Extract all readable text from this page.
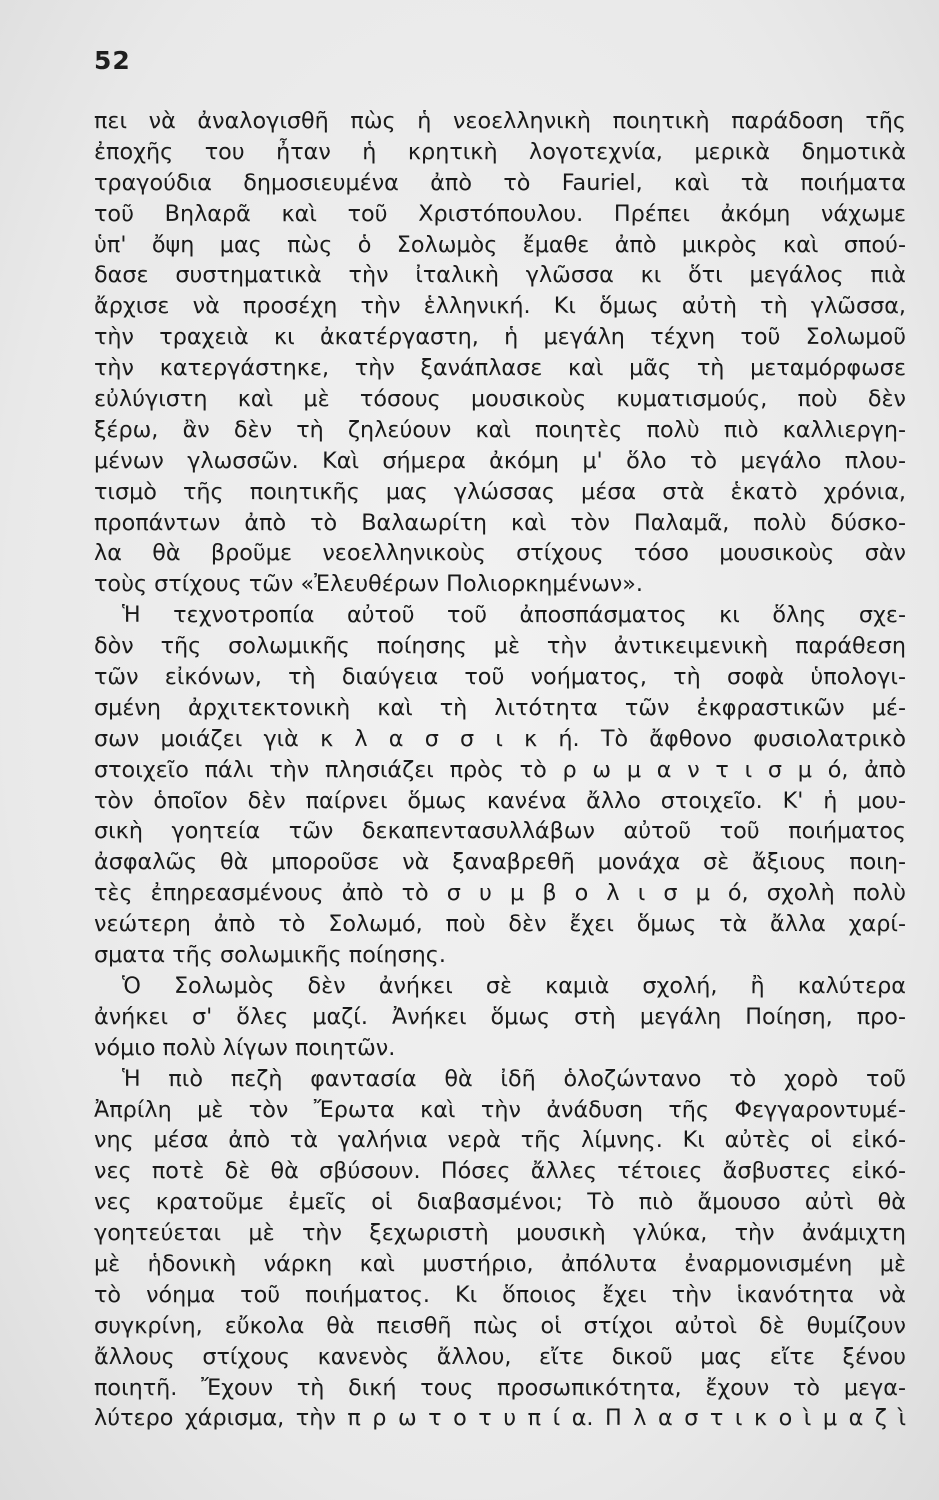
52
πει νὰ ἀναλογισθῆ πὼς ἡ νεοελληνικὴ ποιητικὴ παράδοση τῆς
ἐποχῆς του ἦταν ἡ κρητικὴ λογοτεχνία, μερικὰ δημοτικὰ
τραγούδια δημοσιευμένα ἀπὸ τὸ Fauriel, καὶ τὰ ποιήματα
τοῦ Βηλαρᾶ καὶ τοῦ Χριστόπουλου. Πρέπει ἀκόμη νάχωμε
ὑπ' ὄψη μας πὼς ὁ Σολωμὸς ἔμαθε ἀπὸ μικρὸς καὶ σπού-
δασε συστηματικὰ τὴν ἰταλικὴ γλῶσσα κι ὅτι μεγάλος πιὰ
ἄρχισε νὰ προσέχη τὴν ἑλληνική. Κι ὅμως αὐτὴ τὴ γλῶσσα,
τὴν τραχειὰ κι ἀκατέργαστη, ἡ μεγάλη τέχνη τοῦ Σολωμοῦ
τὴν κατεργάστηκε, τὴν ξανάπλασε καὶ μᾶς τὴ μεταμόρφωσε
εὐλύγιστη καὶ μὲ τόσους μουσικοὺς κυματισμούς, ποὺ δὲν
ξέρω, ἂν δὲν τὴ ζηλεύουν καὶ ποιητὲς πολὺ πιὸ καλλιεργη-
μένων γλωσσῶν. Καὶ σήμερα ἀκόμη μ' ὅλο τὸ μεγάλο πλου-
τισμὸ τῆς ποιητικῆς μας γλώσσας μέσα στὰ ἑκατὸ χρόνια,
προπάντων ἀπὸ τὸ Βαλαωρίτη καὶ τὸν Παλαμᾶ, πολὺ δύσκο-
λα θὰ βροῦμε νεοελληνικοὺς στίχους τόσο μουσικοὺς σὰν
τοὺς στίχους τῶν «Ἐλευθέρων Πολιορκημένων».
Ἡ τεχνοτροπία αὐτοῦ τοῦ ἀποσπάσματος κι ὅλης σχε-
δὸν τῆς σολωμικῆς ποίησης μὲ τὴν ἀντικειμενικὴ παράθεση
τῶν εἰκόνων, τὴ διαύγεια τοῦ νοήματος, τὴ σοφὰ ὑπολογι-
σμένη ἀρχιτεκτονικὴ καὶ τὴ λιτότητα τῶν ἐκφραστικῶν μέ-
σων μοιάζει γιὰ κ λ α σ σ ι κ ή. Τὸ ἄφθονο φυσιολατρικὸ
στοιχεῖο πάλι τὴν πλησιάζει πρὸς τὸ ρ ω μ α ν τ ι σ μ ό, ἀπὸ
τὸν ὁποῖον δὲν παίρνει ὅμως κανένα ἄλλο στοιχεῖο. Κ' ἡ μου-
σικὴ γοητεία τῶν δεκαπεντασυλλάβων αὐτοῦ τοῦ ποιήματος
ἀσφαλῶς θὰ μποροῦσε νὰ ξαναβρεθῆ μονάχα σὲ ἄξιους ποιη-
τὲς ἐπηρεασμένους ἀπὸ τὸ σ υ μ β ο λ ι σ μ ό, σχολὴ πολὺ
νεώτερη ἀπὸ τὸ Σολωμό, ποὺ δὲν ἔχει ὅμως τὰ ἄλλα χαρί-
σματα τῆς σολωμικῆς ποίησης.
Ὁ Σολωμὸς δὲν ἀνήκει σὲ καμιὰ σχολή, ἢ καλύτερα
ἀνήκει σ' ὅλες μαζί. Ἀνήκει ὅμως στὴ μεγάλη Ποίηση, προ-
νόμιο πολὺ λίγων ποιητῶν.
Ἡ πιὸ πεζὴ φαντασία θὰ ἰδῆ ὁλοζώντανο τὸ χορὸ τοῦ
Ἀπρίλη μὲ τὸν Ἔρωτα καὶ τὴν ἀνάδυση τῆς Φεγγαροντυμέ-
νης μέσα ἀπὸ τὰ γαλήνια νερὰ τῆς λίμνης. Κι αὐτὲς οἱ εἰκό-
νες ποτὲ δὲ θὰ σβύσουν. Πόσες ἄλλες τέτοιες ἄσβυστες εἰκό-
νες κρατοῦμε ἐμεῖς οἱ διαβασμένοι; Τὸ πιὸ ἄμουσο αὐτὶ θὰ
γοητεύεται μὲ τὴν ξεχωριστὴ μουσικὴ γλύκα, τὴν ἀνάμιχτη
μὲ ἡδονικὴ νάρκη καὶ μυστήριο, ἀπόλυτα ἐναρμονισμένη μὲ
τὸ νόημα τοῦ ποιήματος. Κι ὅποιος ἔχει τὴν ἱκανότητα νὰ
συγκρίνη, εὔκολα θὰ πεισθῆ πὼς οἱ στίχοι αὐτοὶ δὲ θυμίζουν
ἄλλους στίχους κανενὸς ἄλλου, εἴτε δικοῦ μας εἴτε ξένου
ποιητῆ. Ἔχουν τὴ δική τους προσωπικότητα, ἔχουν τὸ μεγα-
λύτερο χάρισμα, τὴν π ρ ω τ ο τ υ π ί α. Π λ α σ τ ι κ ο ὶ μ α ζ ὶ
